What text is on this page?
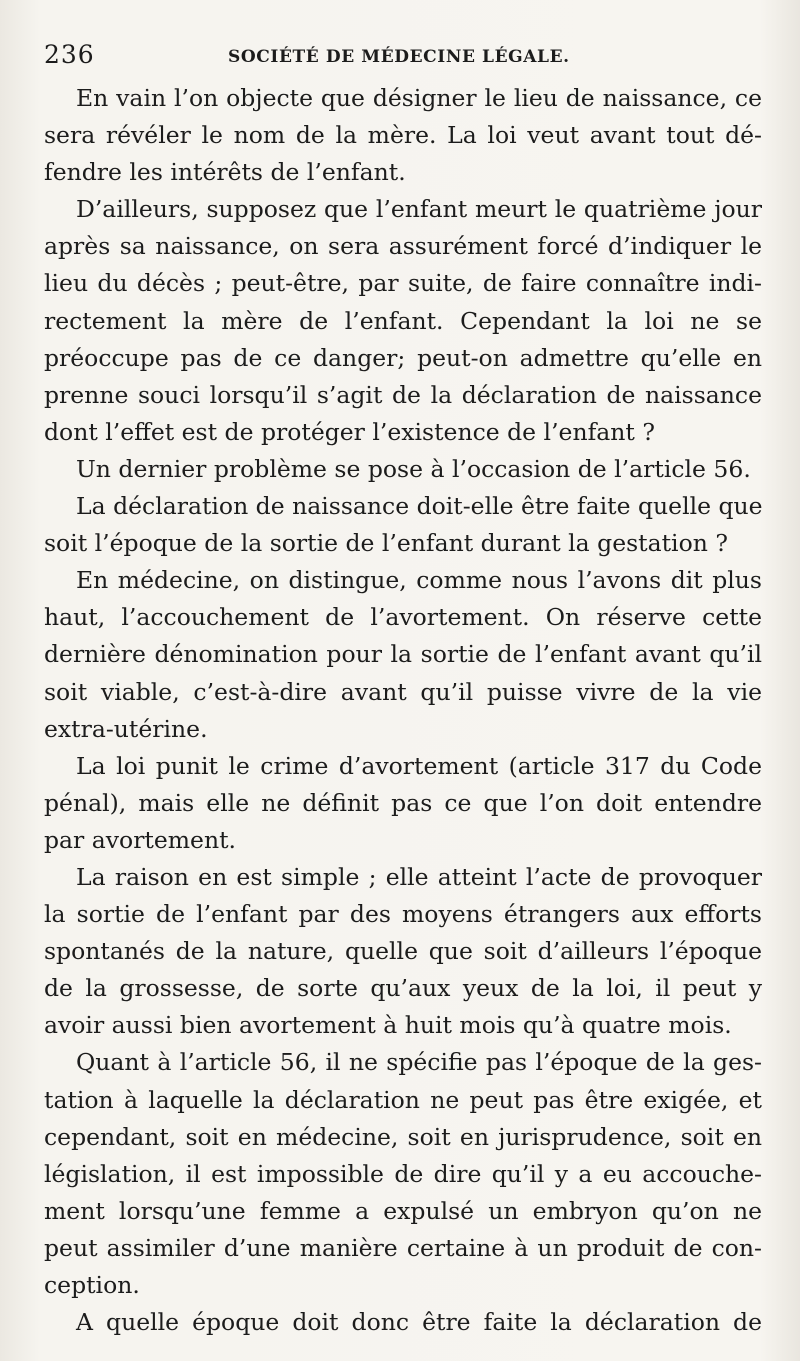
236	SOCIÉTÉ DE MÉDECINE LÉGALE.
En vain l’on objecte que désigner le lieu de naissance, ce
sera révéler le nom de la mère. La loi veut avant tout dé-
fendre les intérêts de l’enfant.
D’ailleurs, supposez que l’enfant meurt le quatrième jour
après sa naissance, on sera assurément forcé d’indiquer le
lieu du décès ; peut-être, par suite, de faire connaître indi-
rectement la mère de l’enfant. Cependant la loi ne se
préoccupe pas de ce danger; peut-on admettre qu’elle en
prenne souci lorsqu’il s’agit de la déclaration de naissance
dont l’effet est de protéger l’existence de l’enfant ?
Un dernier problème se pose à l’occasion de l’article 56.
La déclaration de naissance doit-elle être faite quelle que
soit l’époque de la sortie de l’enfant durant la gestation ?
En médecine, on distingue, comme nous l’avons dit plus
haut, l’accouchement de l’avortement. On réserve cette
dernière dénomination pour la sortie de l’enfant avant qu’il
soit viable, c’est-à-dire avant qu’il puisse vivre de la vie
extra-utérine.
La loi punit le crime d’avortement (article 317 du Code
pénal), mais elle ne définit pas ce que l’on doit entendre
par avortement.
La raison en est simple ; elle atteint l’acte de provoquer
la sortie de l’enfant par des moyens étrangers aux efforts
spontanés de la nature, quelle que soit d’ailleurs l’époque
de la grossesse, de sorte qu’aux yeux de la loi, il peut y
avoir aussi bien avortement à huit mois qu’à quatre mois.
Quant à l’article 56, il ne spécifie pas l’époque de la ges-
tation à laquelle la déclaration ne peut pas être exigée, et
cependant, soit en médecine, soit en jurisprudence, soit en
législation, il est impossible de dire qu’il y a eu accouche-
ment lorsqu’une femme a expulsé un embryon qu’on ne
peut assimiler d’une manière certaine à un produit de con-
ception.
A quelle époque doit donc être faite la déclaration de
